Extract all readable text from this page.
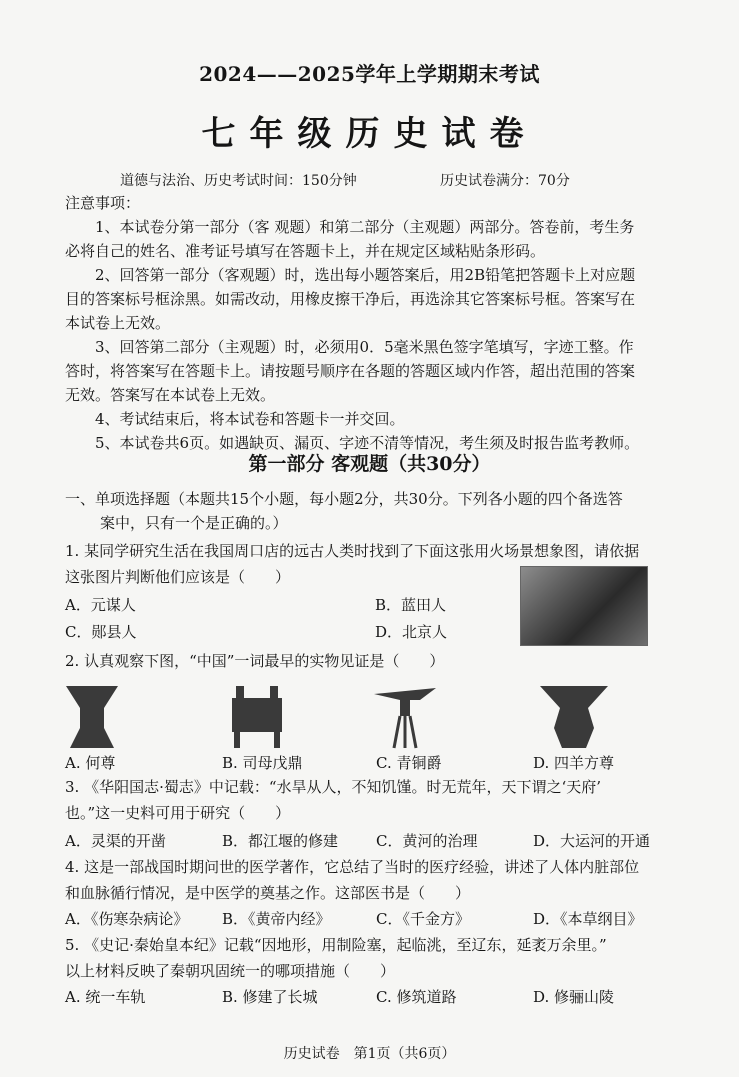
2024——2025学年上学期期末考试
七年级历史试卷
道德与法治、历史考试时间：150分钟	历史试卷满分：70分
注意事项：
1、本试卷分第一部分（客 观题）和第二部分（主观题）两部分。答卷前，考生务
必将自己的姓名、准考证号填写在答题卡上，并在规定区域粘贴条形码。
2、回答第一部分（客观题）时，选出每小题答案后，用2B铅笔把答题卡上对应题
目的答案标号框涂黑。如需改动，用橡皮擦干净后，再选涂其它答案标号框。答案写在
本试卷上无效。
3、回答第二部分（主观题）时，必须用0．5毫米黑色签字笔填写，字迹工整。作
答时，将答案写在答题卡上。请按题号顺序在各题的答题区域内作答，超出范围的答案
无效。答案写在本试卷上无效。
4、考试结束后，将本试卷和答题卡一并交回。
5、本试卷共6页。如遇缺页、漏页、字迹不清等情况，考生须及时报告监考教师。
第一部分 客观题（共30分）
一、单项选择题（本题共15个小题，每小题2分，共30分。下列各小题的四个备选答
案中，只有一个是正确的。）
1. 某同学研究生活在我国周口店的远古人类时找到了下面这张用火场景想象图，请依据
这张图片判断他们应该是（　　）
A．元谋人	B．蓝田人
C．郧县人	D．北京人
2. 认真观察下图，“中国”一词最早的实物见证是（　　）
A. 何尊	B. 司母戊鼎	C. 青铜爵	D. 四羊方尊
3. 《华阳国志·蜀志》中记载：“水旱从人，不知饥馑。时无荒年，天下谓之‘天府’
也。”这一史料可用于研究（　　）
A．灵渠的开凿	B．都江堰的修建	C．黄河的治理	D．大运河的开通
4. 这是一部战国时期问世的医学著作，它总结了当时的医疗经验，讲述了人体内脏部位
和血脉循行情况，是中医学的奠基之作。这部医书是（　　）
A．《伤寒杂病论》 B．《黄帝内经》	C．《千金方》	D．《本草纲目》
5. 《史记·秦始皇本纪》记载“因地形，用制险塞，起临洮，至辽东，延袤万余里。”
以上材料反映了秦朝巩固统一的哪项措施（　　）
A. 统一车轨	B. 修建了长城	C. 修筑道路	D. 修骊山陵
历史试卷　第1页（共6页）
